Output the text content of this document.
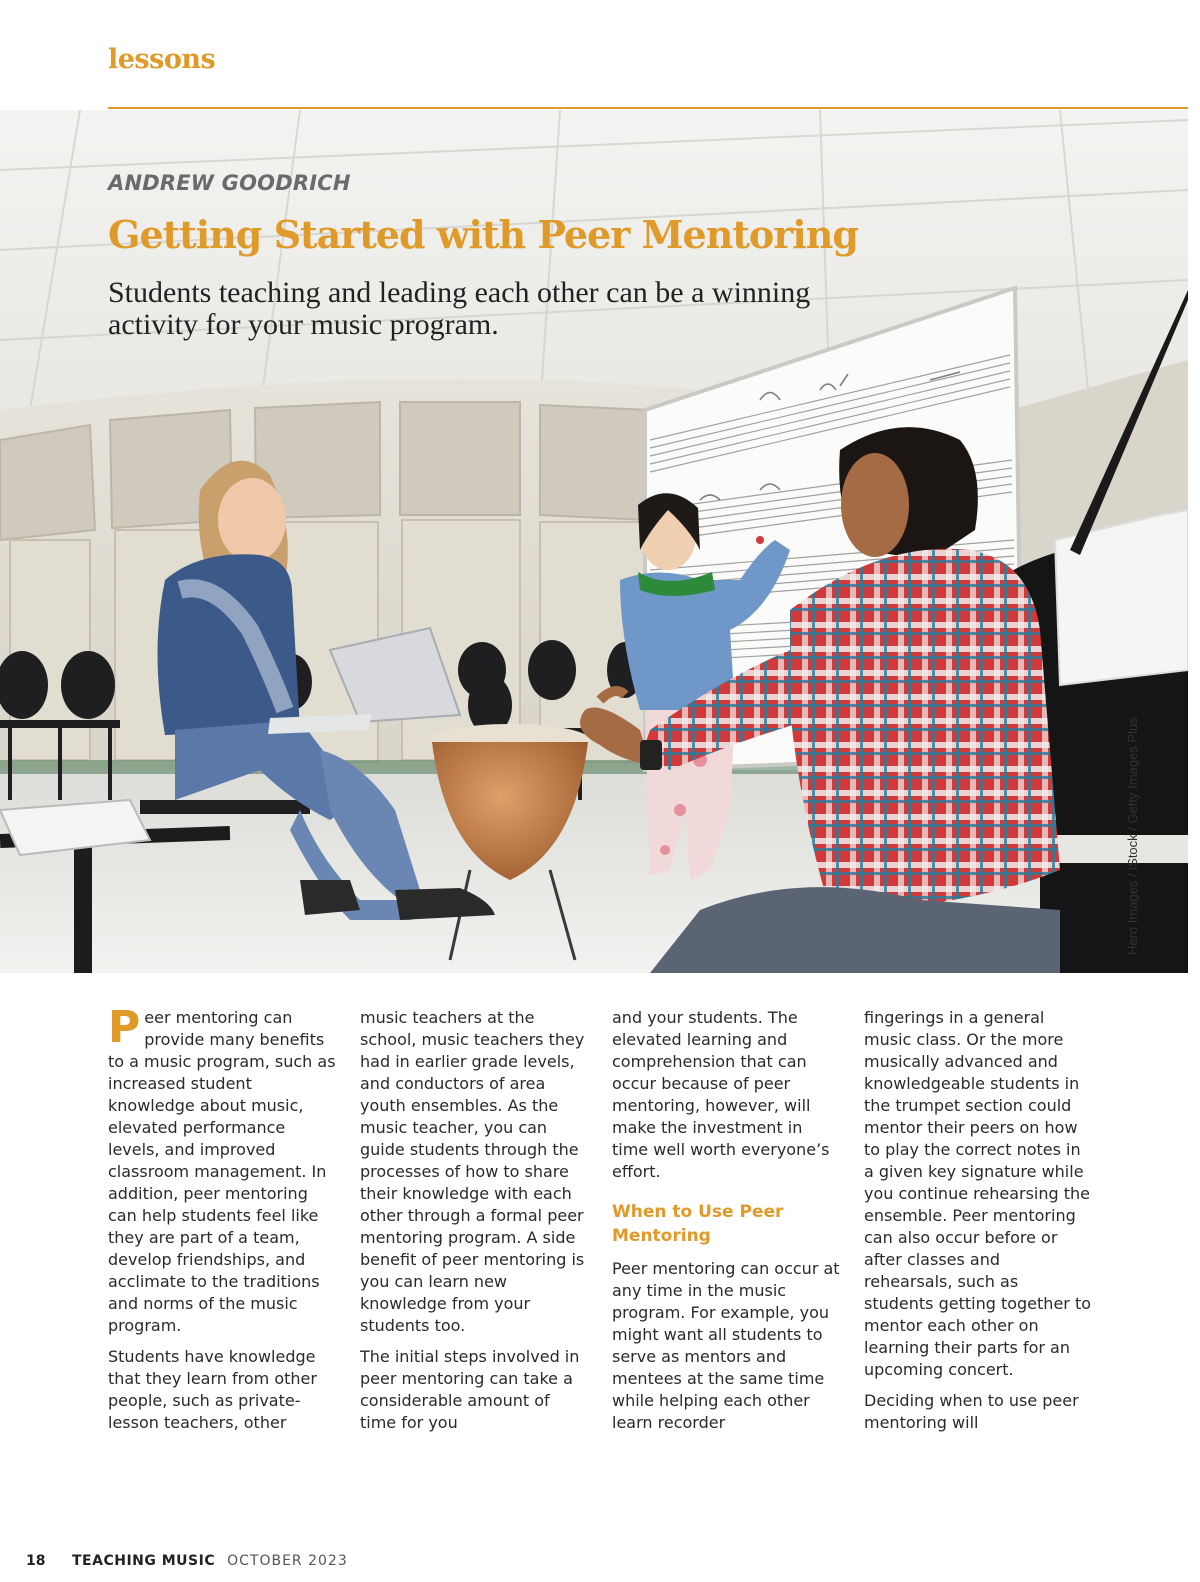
lessons
ANDREW GOODRICH
Getting Started with Peer Mentoring
Students teaching and leading each other can be a winning activity for your music program.
Hero Images / iStock / Getty Images Plus

Peer mentoring can provide many benefits to a music program, such as increased student knowledge about music, elevated performance levels, and improved classroom management. In addition, peer mentoring can help students feel like they are part of a team, develop friendships, and acclimate to the traditions and norms of the music program.

Students have knowledge that they learn from other people, such as private-lesson teachers, other

music teachers at the school, music teachers they had in earlier grade levels, and conductors of area youth ensembles. As the music teacher, you can guide students through the processes of how to share their knowledge with each other through a formal peer mentoring program. A side benefit of peer mentoring is you can learn new knowledge from your students too.

The initial steps involved in peer mentoring can take a considerable amount of time for you

and your students. The elevated learning and comprehension that can occur because of peer mentoring, however, will make the investment in time well worth everyone’s effort.

When to Use Peer Mentoring

Peer mentoring can occur at any time in the music program. For example, you might want all students to serve as mentors and mentees at the same time while helping each other learn recorder

fingerings in a general music class. Or the more musically advanced and knowledgeable students in the trumpet section could mentor their peers on how to play the correct notes in a given key signature while you continue rehearsing the ensemble. Peer mentoring can also occur before or after classes and rehearsals, such as students getting together to mentor each other on learning their parts for an upcoming concert.

Deciding when to use peer mentoring will

18	TEACHING MUSIC OCTOBER 2023
